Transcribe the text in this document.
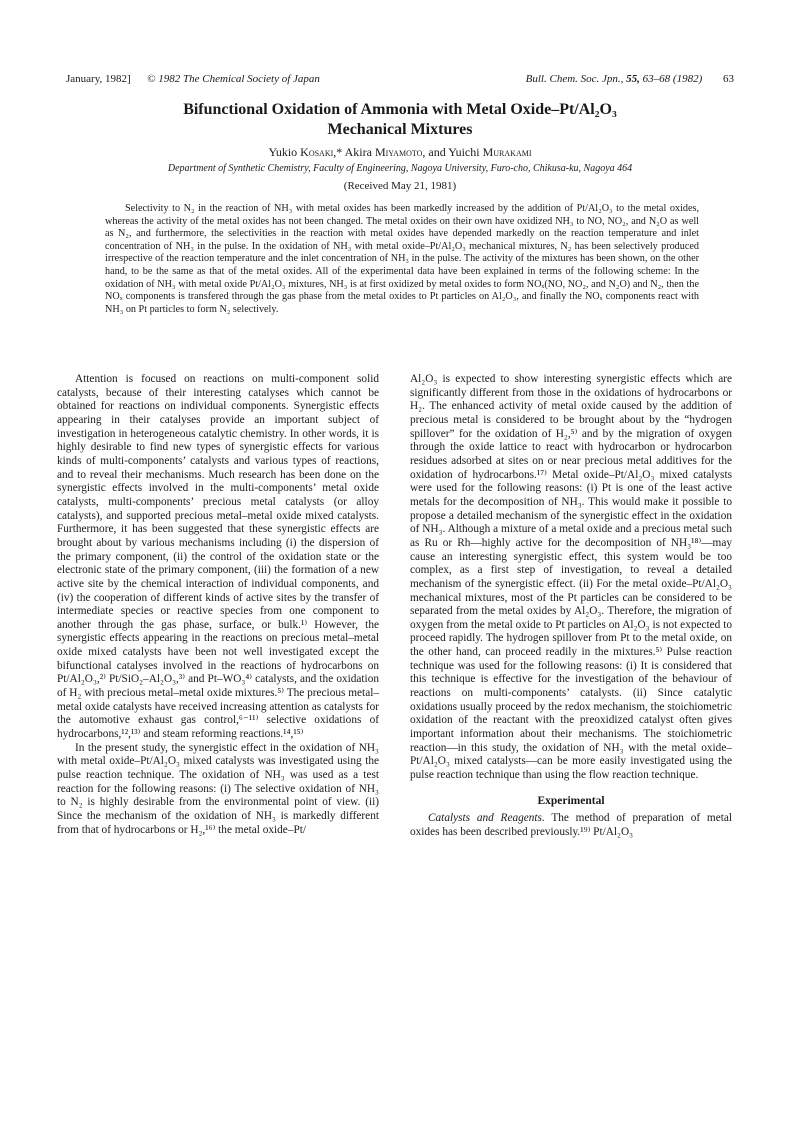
January, 1982] © 1982 The Chemical Society of Japan	Bull. Chem. Soc. Jpn., 55, 63–68 (1982) 63
Bifunctional Oxidation of Ammonia with Metal Oxide–Pt/Al₂O₃
Mechanical Mixtures
Yukio Kosaki,* Akira Miyamoto, and Yuichi Murakami
Department of Synthetic Chemistry, Faculty of Engineering, Nagoya University, Furo-cho, Chikusa-ku, Nagoya 464
(Received May 21, 1981)

Selectivity to N₂ in the reaction of NH₃ with metal oxides has been markedly increased by the addition of Pt/Al₂O₃ to the metal oxides, whereas the activity of the metal oxides has not been changed. The metal oxides on their own have oxidized NH₃ to NO, NO₂, and N₂O as well as N₂, and furthermore, the selectivities in the reaction with metal oxides have depended markedly on the reaction temperature and inlet concentration of NH₃ in the pulse. In the oxidation of NH₃ with metal oxide–Pt/Al₂O₃ mechanical mixtures, N₂ has been selectively produced irrespective of the reaction temperature and the inlet concentration of NH₃ in the pulse. The activity of the mixtures has been shown, on the other hand, to be the same as that of the metal oxides. All of the experimental data have been explained in terms of the following scheme: In the oxidation of NH₃ with metal oxide Pt/Al₂O₃ mixtures, NH₃ is at first oxidized by metal oxides to form NOₓ(NO, NO₂, and N₂O) and N₂, then the NOₓ components is transfered through the gas phase from the metal oxides to Pt particles on Al₂O₃, and finally the NOₓ components react with NH₃ on Pt particles to form N₂ selectively.

Attention is focused on reactions on multi-component solid catalysts, because of their interesting catalyses which cannot be obtained for reactions on individual components. Synergistic effects appearing in their catalyses provide an important subject of investigation in heterogeneous catalytic chemistry. In other words, it is highly desirable to find new types of synergistic effects for various kinds of multi-components’ catalysts and various types of reactions, and to reveal their mechanisms. Much research has been done on the synergistic effects involved in the multi-components’ metal oxide catalysts, multi-components’ precious metal catalysts (or alloy catalysts), and supported precious metal–metal oxide mixed catalysts. Furthermore, it has been suggested that these synergistic effects are brought about by various mechanisms including (i) the dispersion of the primary component, (ii) the control of the oxidation state or the electronic state of the primary component, (iii) the formation of a new active site by the chemical interaction of individual components, and (iv) the cooperation of different kinds of active sites by the transfer of intermediate species or reactive species from one component to another through the gas phase, surface, or bulk.¹⁾ However, the synergistic effects appearing in the reactions on precious metal–metal oxide mixed catalysts have been not well investigated except the bifunctional catalyses involved in the reactions of hydrocarbons on Pt/Al₂O₃,²⁾ Pt/SiO₂–Al₂O₃,³⁾ and Pt–WO₃⁴⁾ catalysts, and the oxidation of H₂ with precious metal–metal oxide mixtures.⁵⁾ The precious metal–metal oxide catalysts have received increasing attention as catalysts for the automotive exhaust gas control,⁶⁻¹¹⁾ selective oxidations of hydrocarbons,¹²,¹³⁾ and steam reforming reactions.¹⁴,¹⁵⁾

In the present study, the synergistic effect in the oxidation of NH₃ with metal oxide–Pt/Al₂O₃ mixed catalysts was investigated using the pulse reaction technique. The oxidation of NH₃ was used as a test reaction for the following reasons: (i) The selective oxidation of NH₃ to N₂ is highly desirable from the environmental point of view. (ii) Since the mechanism of the oxidation of NH₃ is markedly different from that of hydrocarbons or H₂,¹⁶⁾ the metal oxide–Pt/

Al₂O₃ is expected to show interesting synergistic effects which are significantly different from those in the oxidations of hydrocarbons or H₂. The enhanced activity of metal oxide caused by the addition of precious metal is considered to be brought about by the “hydrogen spillover” for the oxidation of H₂,⁵⁾ and by the migration of oxygen through the oxide lattice to react with hydrocarbon or hydrocarbon residues adsorbed at sites on or near precious metal additives for the oxidation of hydrocarbons.¹⁷⁾ Metal oxide–Pt/Al₂O₃ mixed catalysts were used for the following reasons: (i) Pt is one of the least active metals for the decomposition of NH₃. This would make it possible to propose a detailed mechanism of the synergistic effect in the oxidation of NH₃. Although a mixture of a metal oxide and a precious metal such as Ru or Rh—highly active for the decomposition of NH₃¹⁸⁾—may cause an interesting synergistic effect, this system would be too complex, as a first step of investigation, to reveal a detailed mechanism of the synergistic effect. (ii) For the metal oxide–Pt/Al₂O₃ mechanical mixtures, most of the Pt particles can be considered to be separated from the metal oxides by Al₂O₃. Therefore, the migration of oxygen from the metal oxide to Pt particles on Al₂O₃ is not expected to proceed rapidly. The hydrogen spillover from Pt to the metal oxide, on the other hand, can proceed readily in the mixtures.⁵⁾ Pulse reaction technique was used for the following reasons: (i) It is considered that this technique is effective for the investigation of the behaviour of reactions on multi-components’ catalysts. (ii) Since catalytic oxidations usually proceed by the redox mechanism, the stoichiometric oxidation of the reactant with the preoxidized catalyst often gives important information about their mechanisms. The stoichiometric reaction—in this study, the oxidation of NH₃ with the metal oxide–Pt/Al₂O₃ mixed catalysts—can be more easily investigated using the pulse reaction technique than using the flow reaction technique.

Experimental

Catalysts and Reagents. The method of preparation of metal oxides has been described previously.¹⁹⁾ Pt/Al₂O₃
